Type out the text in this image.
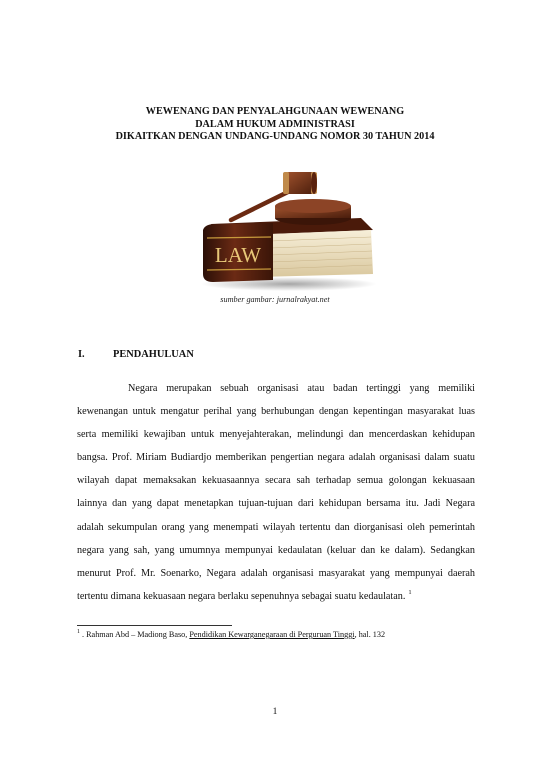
WEWENANG DAN PENYALAHGUNAAN WEWENANG
DALAM HUKUM ADMINISTRASI
DIKAITKAN DENGAN UNDANG-UNDANG NOMOR 30 TAHUN 2014
LAW
sumber gambar: jurnalrakyat.net
I.	PENDAHULUAN

Negara merupakan sebuah organisasi atau badan tertinggi yang memiliki kewenangan untuk mengatur perihal yang berhubungan dengan kepentingan masyarakat luas serta memiliki kewajiban untuk menyejahterakan, melindungi dan mencerdaskan kehidupan bangsa. Prof. Miriam Budiardjo memberikan pengertian negara adalah organisasi dalam suatu wilayah dapat memaksakan kekuasaannya secara sah terhadap semua golongan kekuasaan lainnya dan yang dapat menetapkan tujuan-tujuan dari kehidupan bersama itu. Jadi Negara adalah sekumpulan orang yang menempati wilayah tertentu dan diorganisasi oleh pemerintah negara yang sah, yang umumnya mempunyai kedaulatan (keluar dan ke dalam). Sedangkan menurut Prof. Mr. Soenarko, Negara adalah organisasi masyarakat yang mempunyai daerah tertentu dimana kekuasaan negara berlaku sepenuhnya sebagai suatu kedaulatan. $^1$

$^1$ . Rahman Abd – Madiong Baso, Pendidikan Kewarganegaraan di Perguruan Tinggi, hal. 132
1
